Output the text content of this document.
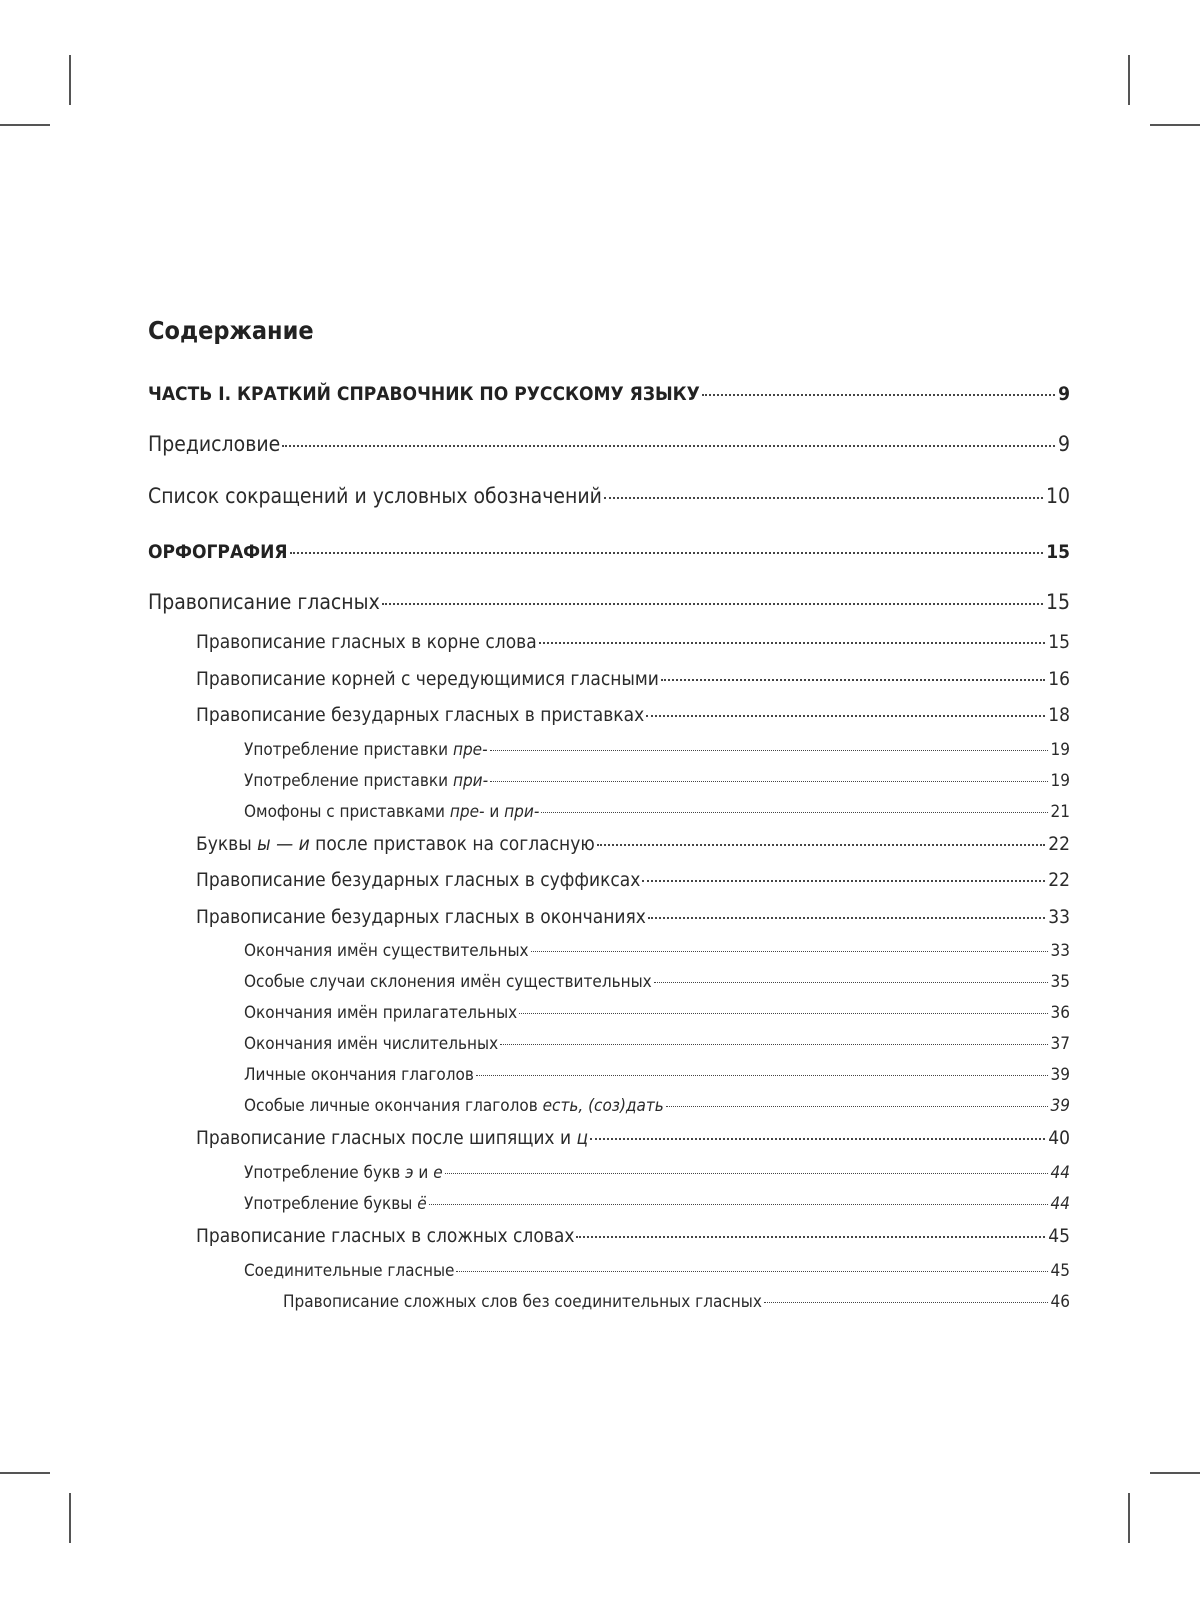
Содержание
ЧАСТЬ I. КРАТКИЙ СПРАВОЧНИК ПО РУССКОМУ ЯЗЫКУ	9
Предисловие	9
Список сокращений и условных обозначений	10
ОРФОГРАФИЯ	15
Правописание гласных	15
Правописание гласных в корне слова	15
Правописание корней с чередующимися гласными	16
Правописание безударных гласных в приставках	18
Употребление приставки пре-	19
Употребление приставки при-	19
Омофоны с приставками пре- и при-	21
Буквы ы — и после приставок на согласную	22
Правописание безударных гласных в суффиксах	22
Правописание безударных гласных в окончаниях	33
Окончания имён существительных	33
Особые случаи склонения имён существительных	35
Окончания имён прилагательных	36
Окончания имён числительных	37
Личные окончания глаголов	39
Особые личные окончания глаголов есть, (соз)дать	39
Правописание гласных после шипящих и ц	40
Употребление букв э и е	44
Употребление буквы ё	44
Правописание гласных в сложных словах	45
Соединительные гласные	45
Правописание сложных слов без соединительных гласных	46
